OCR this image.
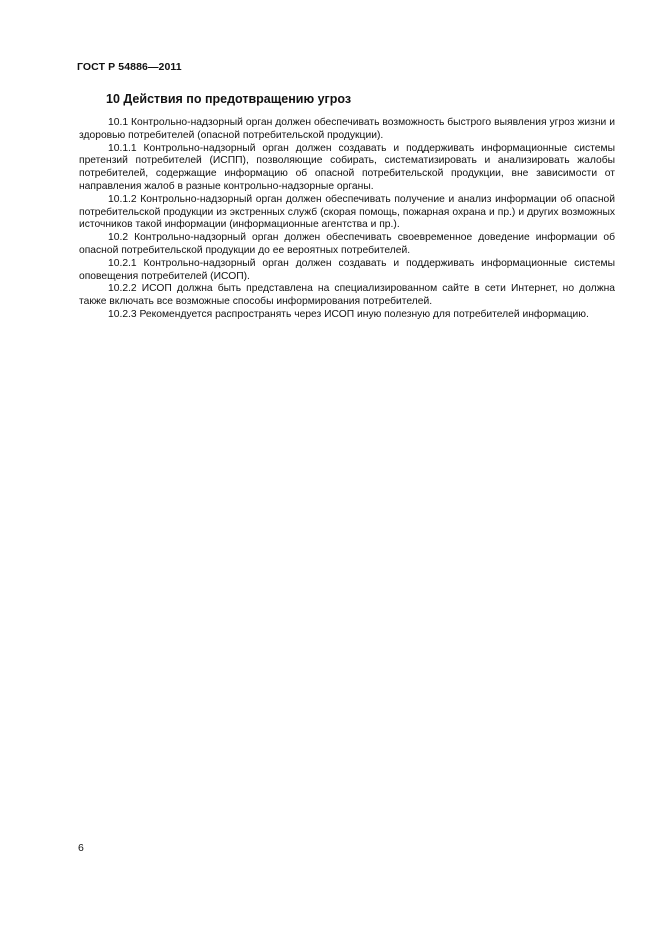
ГОСТ Р 54886—2011
10 Действия по предотвращению угроз

10.1 Контрольно-надзорный орган должен обеспечивать возможность быстрого выявления угроз жизни и здоровью потребителей (опасной потребительской продукции).

10.1.1 Контрольно-надзорный орган должен создавать и поддерживать информационные системы претензий потребителей (ИСПП), позволяющие собирать, систематизировать и анализировать жалобы потребителей, содержащие информацию об опасной потребительской продукции, вне зависимости от направления жалоб в разные контрольно-надзорные органы.

10.1.2 Контрольно-надзорный орган должен обеспечивать получение и анализ информации об опасной потребительской продукции из экстренных служб (скорая помощь, пожарная охрана и пр.) и других возможных источников такой информации (информационные агентства и пр.).

10.2 Контрольно-надзорный орган должен обеспечивать своевременное доведение информации об опасной потребительской продукции до ее вероятных потребителей.

10.2.1 Контрольно-надзорный орган должен создавать и поддерживать информационные системы оповещения потребителей (ИСОП).

10.2.2 ИСОП должна быть представлена на специализированном сайте в сети Интернет, но должна также включать все возможные способы информирования потребителей.

10.2.3 Рекомендуется распространять через ИСОП иную полезную для потребителей информацию.

6
